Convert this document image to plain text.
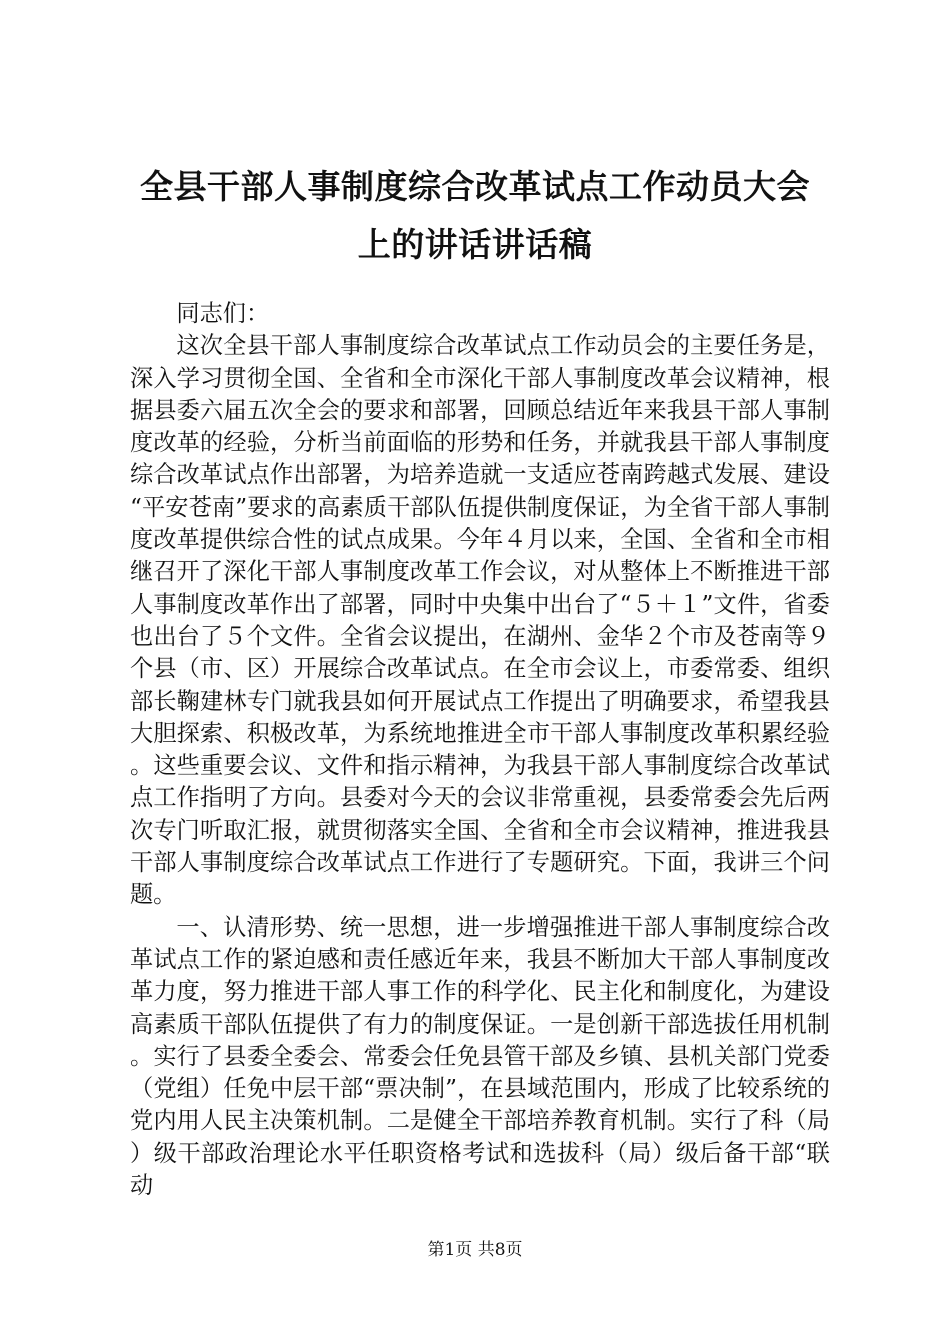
全县干部人事制度综合改革试点工作动员大会
上的讲话讲话稿

同志们：

这次全县干部人事制度综合改革试点工作动员会的主要任务是，深入学习贯彻全国、全省和全市深化干部人事制度改革会议精神，根据县委六届五次全会的要求和部署，回顾总结近年来我县干部人事制度改革的经验，分析当前面临的形势和任务，并就我县干部人事制度综合改革试点作出部署，为培养造就一支适应苍南跨越式发展、建设“平安苍南”要求的高素质干部队伍提供制度保证，为全省干部人事制度改革提供综合性的试点成果。今年４月以来，全国、全省和全市相继召开了深化干部人事制度改革工作会议，对从整体上不断推进干部人事制度改革作出了部署，同时中央集中出台了“５＋１”文件，省委也出台了５个文件。全省会议提出，在湖州、金华２个市及苍南等９个县（市、区）开展综合改革试点。在全市会议上，市委常委、组织部长鞠建林专门就我县如何开展试点工作提出了明确要求，希望我县大胆探索、积极改革，为系统地推进全市干部人事制度改革积累经验。这些重要会议、文件和指示精神，为我县干部人事制度综合改革试点工作指明了方向。县委对今天的会议非常重视，县委常委会先后两次专门听取汇报，就贯彻落实全国、全省和全市会议精神，推进我县干部人事制度综合改革试点工作进行了专题研究。下面，我讲三个问题。

一、认清形势、统一思想，进一步增强推进干部人事制度综合改革试点工作的紧迫感和责任感近年来，我县不断加大干部人事制度改革力度，努力推进干部人事工作的科学化、民主化和制度化，为建设高素质干部队伍提供了有力的制度保证。一是创新干部选拔任用机制。实行了县委全委会、常委会任免县管干部及乡镇、县机关部门党委（党组）任免中层干部“票决制”，在县域范围内，形成了比较系统的党内用人民主决策机制。二是健全干部培养教育机制。实行了科（局）级干部政治理论水平任职资格考试和选拔科（局）级后备干部“联动

第1页 共8页
